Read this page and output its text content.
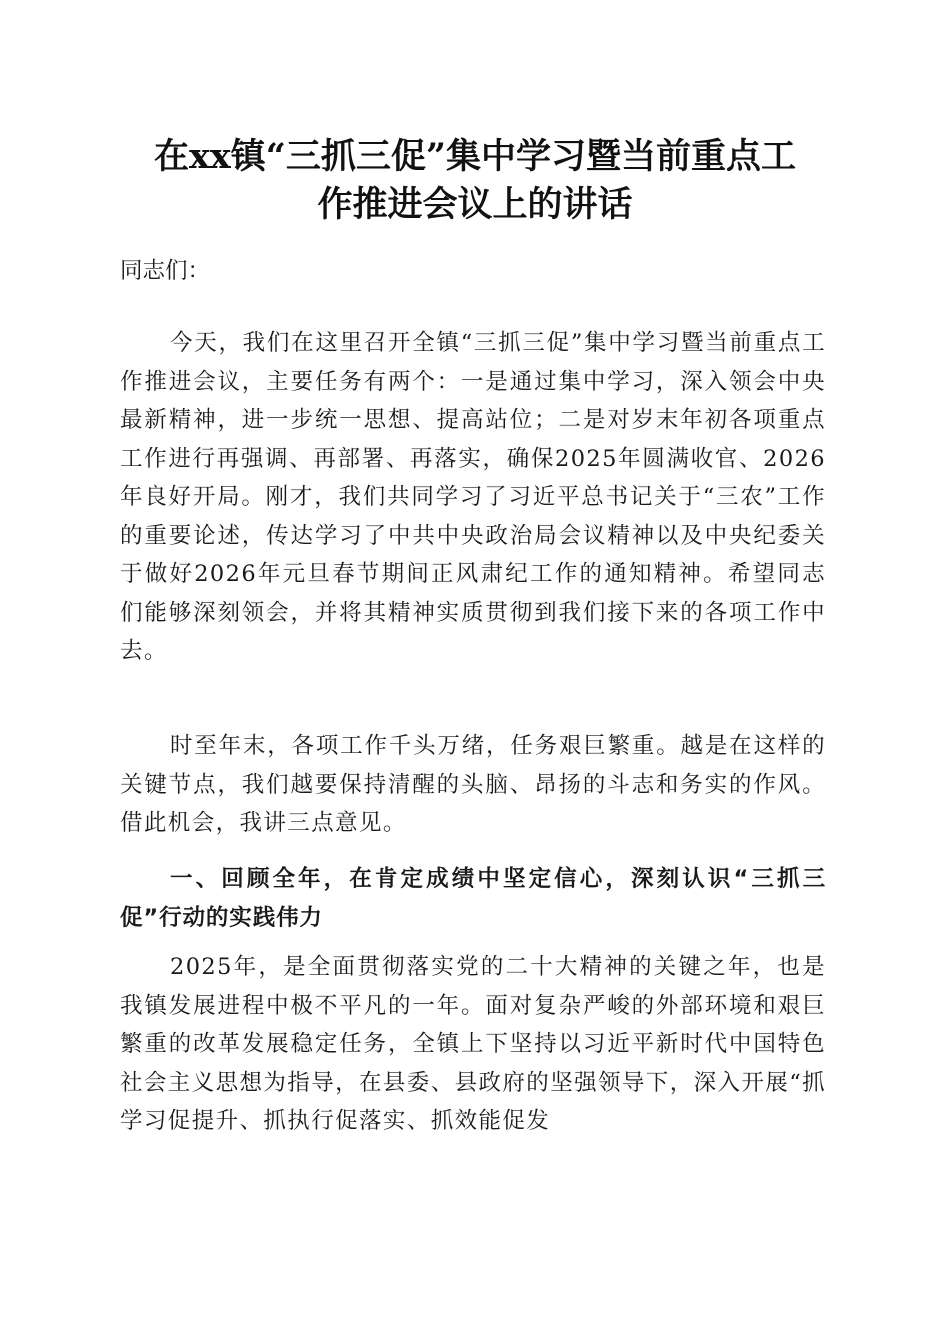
在xx镇“三抓三促”集中学习暨当前重点工
作推进会议上的讲话

同志们：

今天，我们在这里召开全镇“三抓三促”集中学习暨当前重点工作推进会议，主要任务有两个：一是通过集中学习，深入领会中央最新精神，进一步统一思想、提高站位；二是对岁末年初各项重点工作进行再强调、再部署、再落实，确保2025年圆满收官、2026年良好开局。刚才，我们共同学习了习近平总书记关于“三农”工作的重要论述，传达学习了中共中央政治局会议精神以及中央纪委关于做好2026年元旦春节期间正风肃纪工作的通知精神。希望同志们能够深刻领会，并将其精神实质贯彻到我们接下来的各项工作中去。

时至年末，各项工作千头万绪，任务艰巨繁重。越是在这样的关键节点，我们越要保持清醒的头脑、昂扬的斗志和务实的作风。借此机会，我讲三点意见。

一、回顾全年，在肯定成绩中坚定信心，深刻认识“三抓三促”行动的实践伟力

2025年，是全面贯彻落实党的二十大精神的关键之年，也是我镇发展进程中极不平凡的一年。面对复杂严峻的外部环境和艰巨繁重的改革发展稳定任务，全镇上下坚持以习近平新时代中国特色社会主义思想为指导，在县委、县政府的坚强领导下，深入开展“抓学习促提升、抓执行促落实、抓效能促发
